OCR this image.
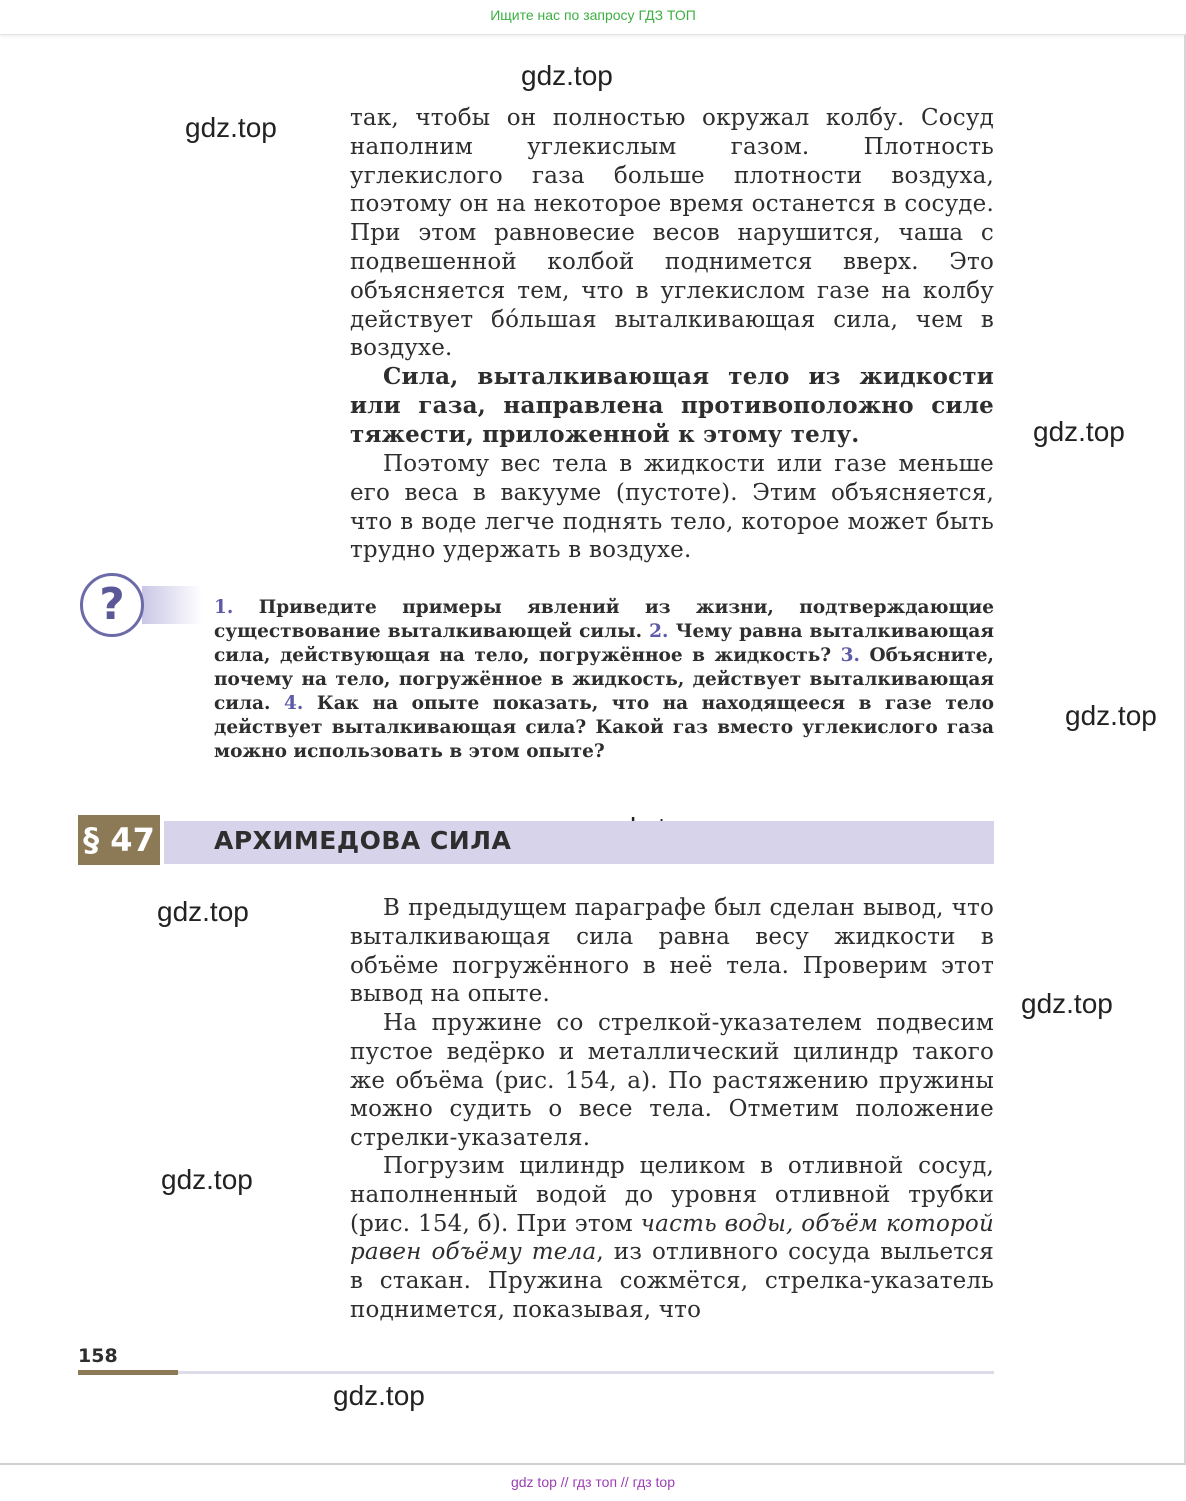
Ищите нас по запросу ГДЗ ТОП
gdz.top
gdz.top
gdz.top
gdz.top
gdz.top
gdz.top
gdz.top
gdz.top
так, чтобы он полностью окружал колбу. Сосуд наполним углекислым газом. Плотность углекислого газа больше плотности воздуха, поэтому он на некоторое время останется в сосуде. При этом равновесие весов нарушится, чаша с подвешенной колбой поднимется вверх. Это объясняется тем, что в углекислом газе на колбу действует бо́льшая выталкивающая сила, чем в воздухе.
Сила, выталкивающая тело из жидкости или газа, направлена противоположно силе тяжести, приложенной к этому телу.
Поэтому вес тела в жидкости или газе меньше его веса в вакууме (пустоте). Этим объясняется, что в воде легче поднять тело, которое может быть трудно удержать в воздухе.
?	1. Приведите примеры явлений из жизни, подтверждающие существование выталкивающей силы. 2. Чему равна выталкивающая сила, действующая на тело, погружённое в жидкость? 3. Объясните, почему на тело, погружённое в жидкость, действует выталкивающая сила. 4. Как на опыте показать, что на находящееся в газе тело действует выталкивающая сила? Какой газ вместо углекислого газа можно использовать в этом опыте?
§ 47 АРХИМЕДОВА СИЛА
В предыдущем параграфе был сделан вывод, что выталкивающая сила равна весу жидкости в объёме погружённого в неё тела. Проверим этот вывод на опыте.
На пружине со стрелкой-указателем подвесим пустое ведёрко и металлический цилиндр такого же объёма (рис. 154, а). По растяжению пружины можно судить о весе тела. Отметим положение стрелки-указателя.
Погрузим цилиндр целиком в отливной сосуд, наполненный водой до уровня отливной трубки (рис. 154, б). При этом часть воды, объём которой равен объёму тела, из отливного сосуда выльется в стакан. Пружина сожмётся, стрелка-указатель поднимется, показывая, что
158
gdz top // гдз топ // гдз top
